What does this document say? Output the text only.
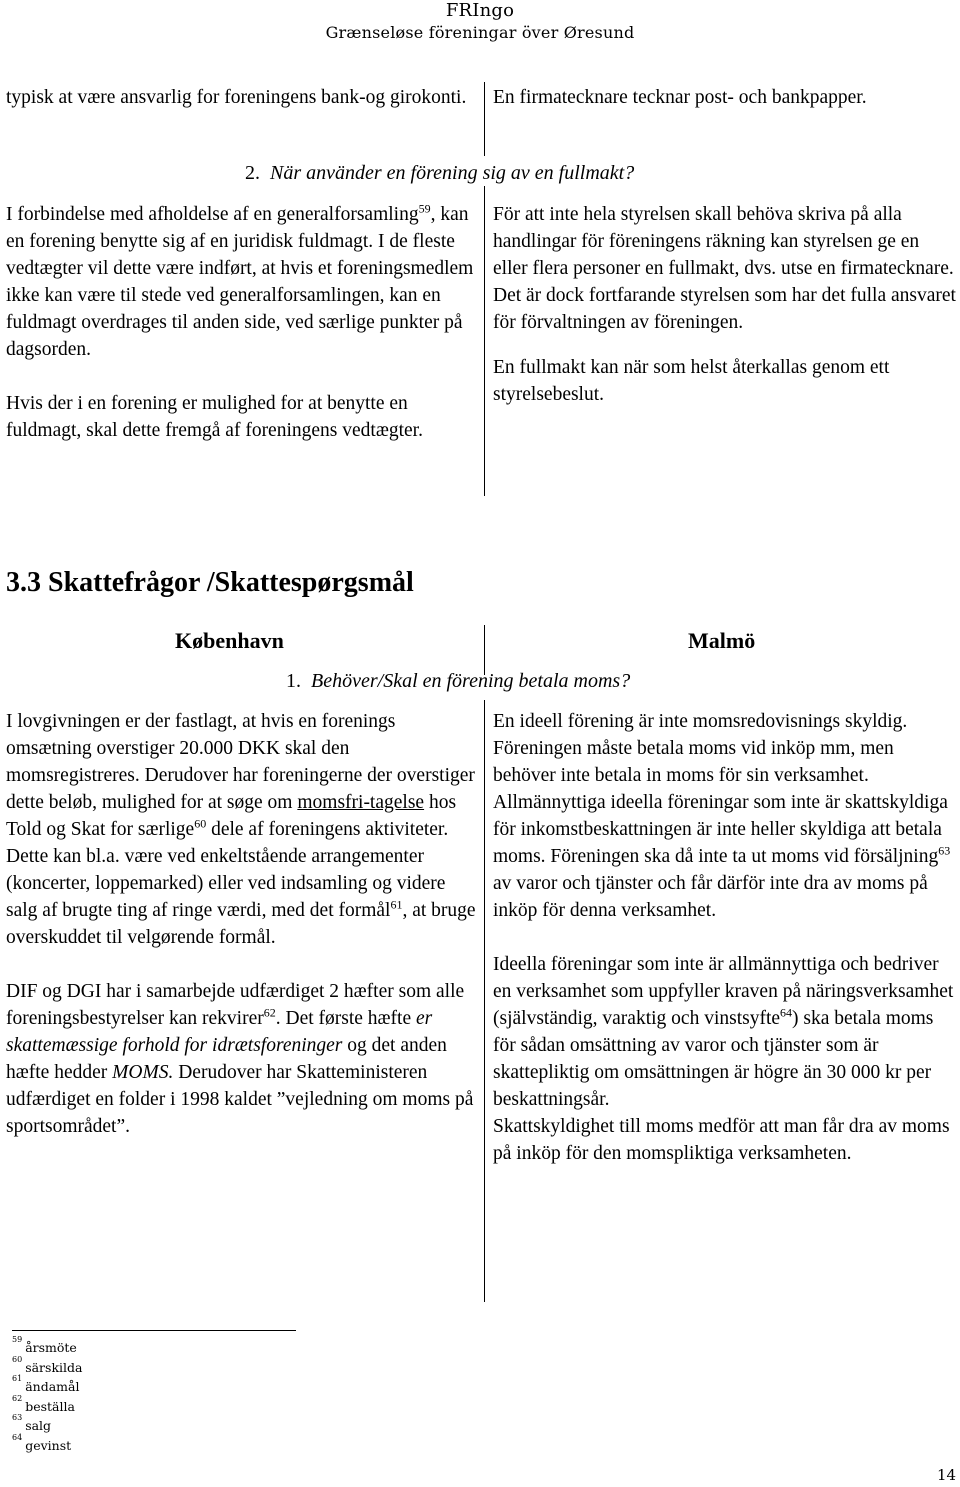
FRIngo
Grænseløse föreningar över Øresund

typisk at være ansvarlig for foreningens bank-og girokonti.	En firmatecknare tecknar post- och bankpapper.

2. När använder en förening sig av en fullmakt?

I forbindelse med afholdelse af en generalforsamling$^{59}$, kan en forening benytte sig af en juridisk fuldmagt. I de fleste vedtægter vil dette være indført, at hvis et foreningsmedlem ikke kan være til stede ved generalforsamlingen, kan en fuldmagt overdrages til anden side, ved særlige punkter på dagsorden.

Hvis der i en forening er mulighed for at benytte en fuldmagt, skal dette fremgå af foreningens vedtægter.

För att inte hela styrelsen skall behöva skriva på alla handlingar för föreningens räkning kan styrelsen ge en eller flera personer en fullmakt, dvs. utse en firmatecknare.

Det är dock fortfarande styrelsen som har det fulla ansvaret för förvaltningen av föreningen.

En fullmakt kan när som helst återkallas genom ett styrelsebeslut.

3.3 Skattefrågor /Skattespørgsmål
København	Malmö
1. Behöver/Skal en förening betala moms?

I lovgivningen er der fastlagt, at hvis en forenings omsætning overstiger 20.000 DKK skal den momsregistreres. Derudover har foreningerne der overstiger dette beløb, mulighed for at søge om momsfri-tagelse hos Told og Skat for særlige$^{60}$ dele af foreningens aktiviteter. Dette kan bl.a. være ved enkeltstående arrangementer (koncerter, loppemarked) eller ved indsamling og videre salg af brugte ting af ringe værdi, med det formål$^{61}$, at bruge overskuddet til velgørende formål.

DIF og DGI har i samarbejde udfærdiget 2 hæfter som alle foreningsbestyrelser kan rekvirer$^{62}$. Det første hæfte er skattemæssige forhold for idrætsforeninger og det anden hæfte hedder MOMS. Derudover har Skatteministeren udfærdiget en folder i 1998 kaldet ”vejledning om moms på sportsområdet”.

En ideell förening är inte momsredovisnings skyldig. Föreningen måste betala moms vid inköp mm, men behöver inte betala in moms för sin verksamhet.
Allmännyttiga ideella föreningar som inte är skattskyldiga för inkomstbeskattningen är inte heller skyldiga att betala moms. Föreningen ska då inte ta ut moms vid försäljning$^{63}$ av varor och tjänster och får därför inte dra av moms på inköp för denna verksamhet.

Ideella föreningar som inte är allmännyttiga och bedriver en verksamhet som uppfyller kraven på näringsverksamhet (självständig, varaktig och vinstsyfte$^{64}$) ska betala moms för sådan omsättning av varor och tjänster som är skattepliktig om omsättningen är högre än 30 000 kr per beskattningsår.

Skattskyldighet till moms medför att man får dra av moms på inköp för den momspliktiga verksamheten.

$^{59}$årsmöte
$^{60}$särskilda
$^{61}$ändamål
$^{62}$beställa
$^{63}$salg
$^{64}$gevinst
14
